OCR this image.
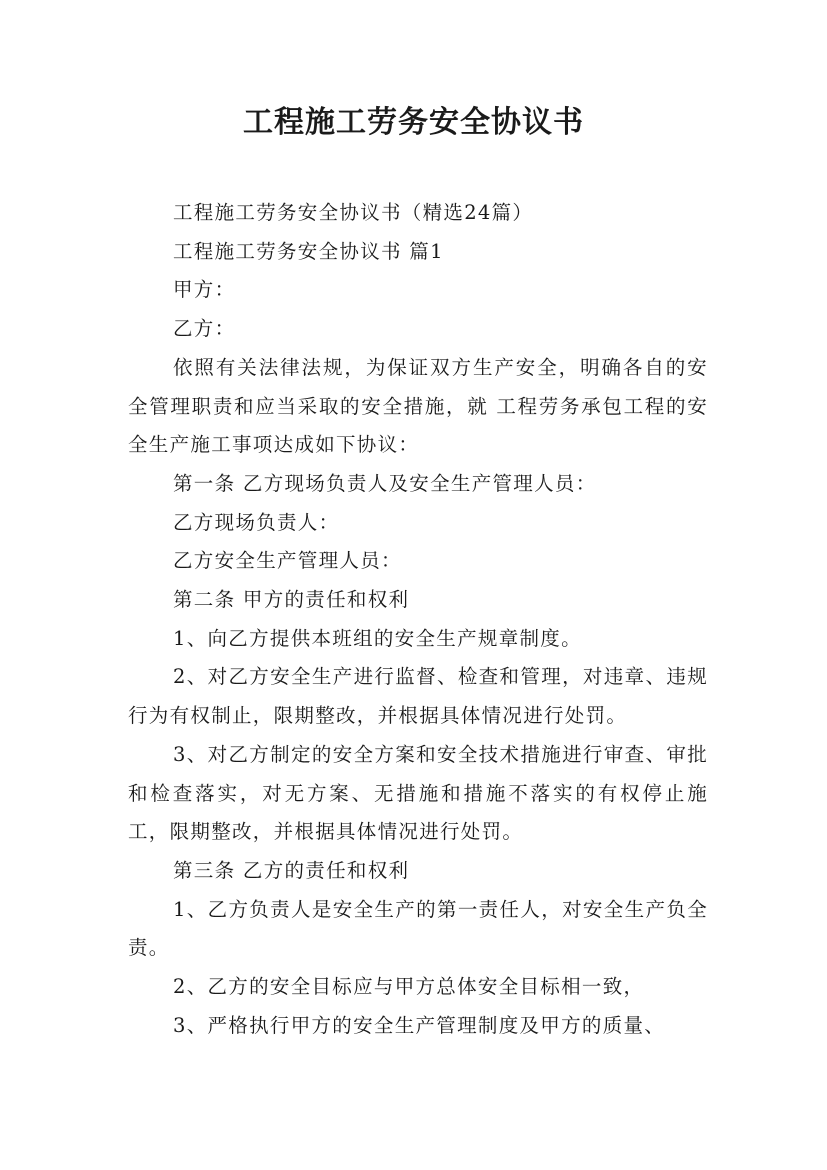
工程施工劳务安全协议书

工程施工劳务安全协议书（精选24篇）

工程施工劳务安全协议书 篇1

甲方：

乙方：

依照有关法律法规，为保证双方生产安全，明确各自的安全管理职责和应当采取的安全措施，就 工程劳务承包工程的安全生产施工事项达成如下协议：

第一条 乙方现场负责人及安全生产管理人员：

乙方现场负责人：

乙方安全生产管理人员：

第二条 甲方的责任和权利

1、向乙方提供本班组的安全生产规章制度。

2、对乙方安全生产进行监督、检查和管理，对违章、违规行为有权制止，限期整改，并根据具体情况进行处罚。

3、对乙方制定的安全方案和安全技术措施进行审查、审批和检查落实，对无方案、无措施和措施不落实的有权停止施工，限期整改，并根据具体情况进行处罚。

第三条 乙方的责任和权利

1、乙方负责人是安全生产的第一责任人，对安全生产负全责。

2、乙方的安全目标应与甲方总体安全目标相一致，

3、严格执行甲方的安全生产管理制度及甲方的质量、
